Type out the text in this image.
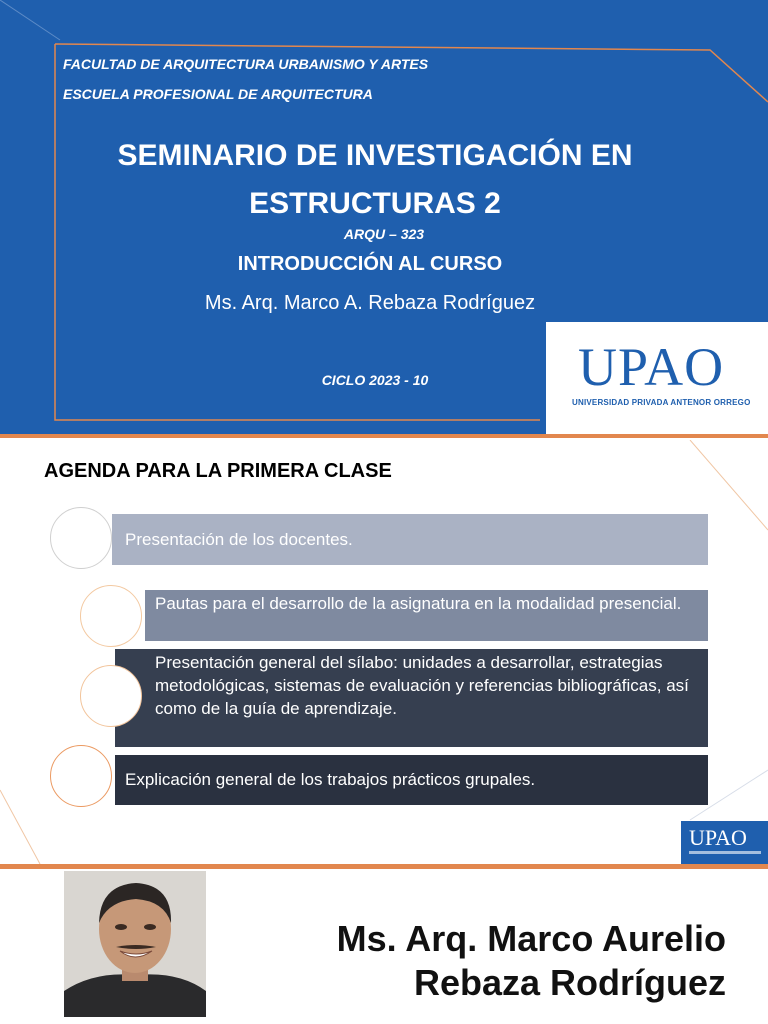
FACULTAD DE ARQUITECTURA URBANISMO Y ARTES
ESCUELA PROFESIONAL DE ARQUITECTURA
SEMINARIO DE INVESTIGACIÓN EN
ESTRUCTURAS 2
ARQU – 323
INTRODUCCIÓN AL CURSO
Ms. Arq. Marco A. Rebaza Rodríguez
CICLO 2023 - 10	UPAO
UNIVERSIDAD PRIVADA ANTENOR ORREGO
AGENDA PARA LA PRIMERA CLASE
Presentación de los docentes.
Pautas para el desarrollo de la asignatura en la modalidad presencial.
Presentación general del sílabo: unidades a desarrollar, estrategias metodológicas, sistemas de evaluación y referencias bibliográficas, así como de la guía de aprendizaje.
Explicación general de los trabajos prácticos grupales.
UPAO
Ms. Arq. Marco Aurelio
Rebaza Rodríguez
